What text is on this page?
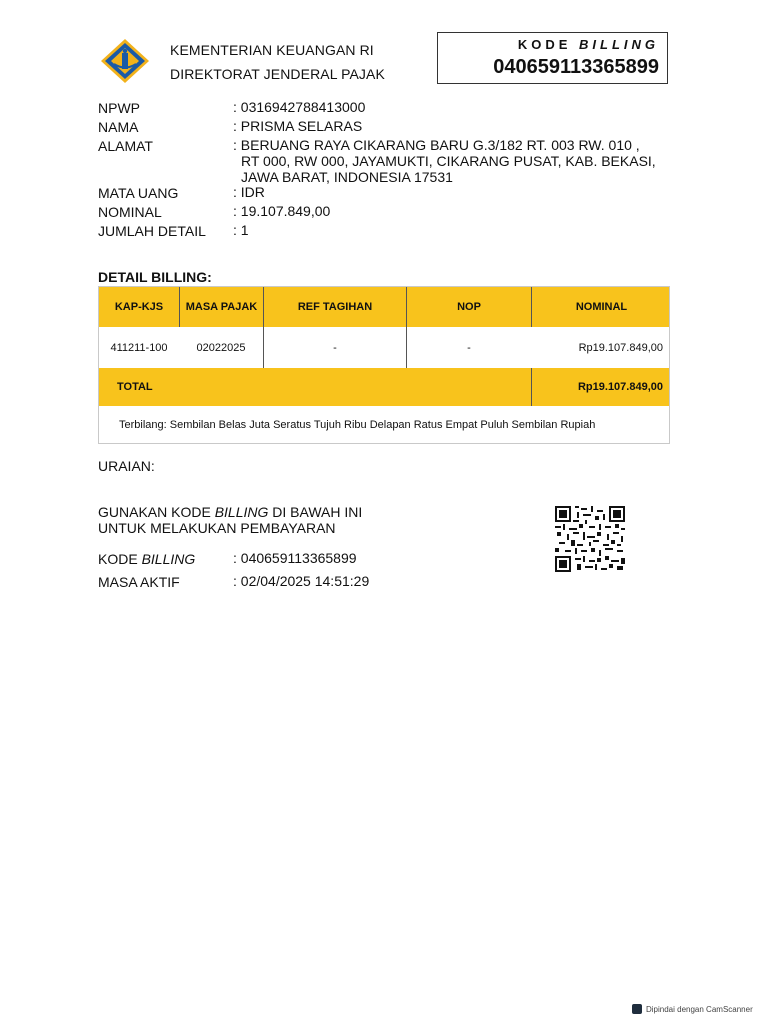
KEMENTERIAN KEUANGAN RI
DIREKTORAT JENDERAL PAJAK
KODE BILLING
040659113365899
NPWP	: 0316942788413000
NAMA	: PRISMA SELARAS
ALAMAT	: BERUANG RAYA CIKARANG BARU G.3/182 RT. 003 RW. 010 ,
RT 000, RW 000, JAYAMUKTI, CIKARANG PUSAT, KAB. BEKASI,
JAWA BARAT, INDONESIA 17531
MATA UANG	: IDR
NOMINAL	: 19.107.849,00
JUMLAH DETAIL : 1
DETAIL BILLING:
KAP-KJS	MASA PAJAK	REF TAGIHAN	NOP	NOMINAL
411211-100	02022025	-	-	Rp19.107.849,00
TOTAL	Rp19.107.849,00
Terbilang: Sembilan Belas Juta Seratus Tujuh Ribu Delapan Ratus Empat Puluh Sembilan Rupiah
URAIAN:
GUNAKAN KODE BILLING DI BAWAH INI
UNTUK MELAKUKAN PEMBAYARAN
KODE BILLING	: 040659113365899
MASA AKTIF	: 02/04/2025 14:51:29
Dipindai dengan CamScanner
